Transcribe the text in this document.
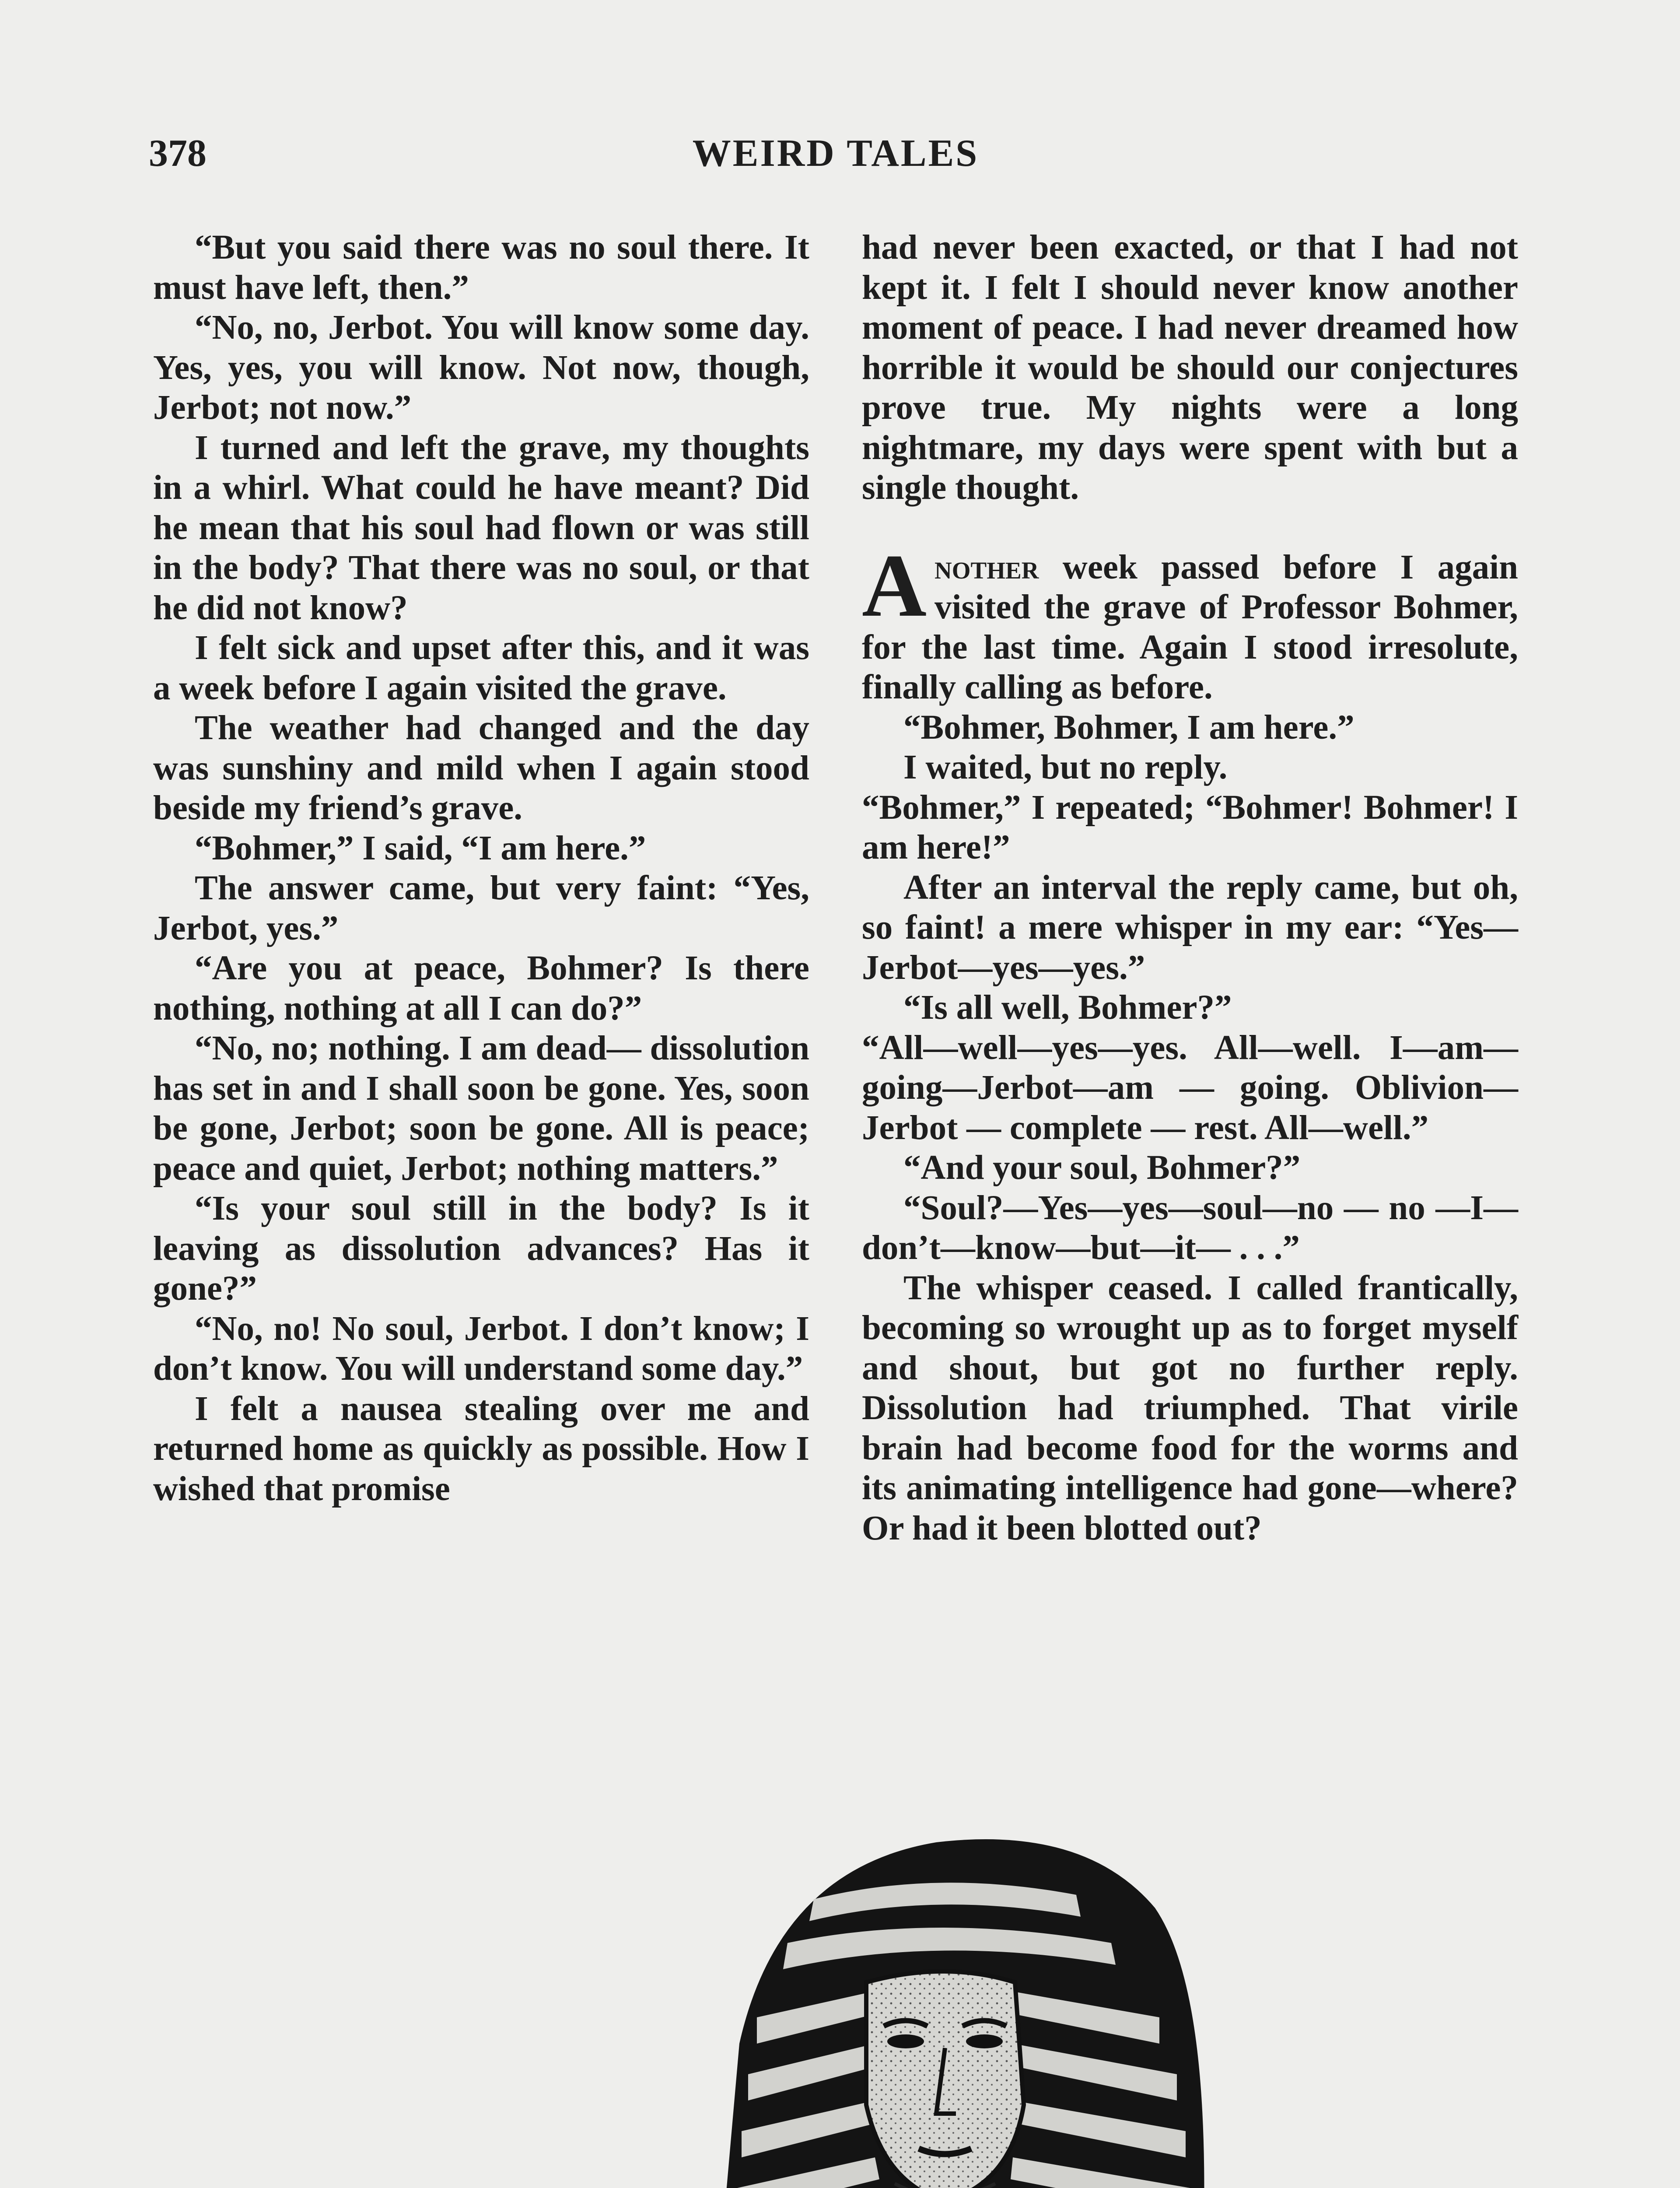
378	WEIRD TALES

“But you said there was no soul there. It must have left, then.”

“No, no, Jerbot. You will know some day. Yes, yes, you will know. Not now, though, Jerbot; not now.”

I turned and left the grave, my thoughts in a whirl. What could he have meant? Did he mean that his soul had flown or was still in the body? That there was no soul, or that he did not know?

I felt sick and upset after this, and it was a week before I again visited the grave.

The weather had changed and the day was sunshiny and mild when I again stood beside my friend’s grave.

“Bohmer,” I said, “I am here.”

The answer came, but very faint: “Yes, Jerbot, yes.”

“Are you at peace, Bohmer? Is there nothing, nothing at all I can do?”

“No, no; nothing. I am dead— dissolution has set in and I shall soon be gone. Yes, soon be gone, Jerbot; soon be gone. All is peace; peace and quiet, Jerbot; nothing matters.”

“Is your soul still in the body? Is it leaving as dissolution advances? Has it gone?”

“No, no! No soul, Jerbot. I don’t know; I don’t know. You will understand some day.”

I felt a nausea stealing over me and returned home as quickly as possible. How I wished that promise

had never been exacted, or that I had not kept it. I felt I should never know another moment of peace. I had never dreamed how horrible it would be should our conjectures prove true. My nights were a long nightmare, my days were spent with but a single thought.

Another week passed before I again visited the grave of Professor Bohmer, for the last time. Again I stood irresolute, finally calling as before.

“Bohmer, Bohmer, I am here.”

I waited, but no reply.

“Bohmer,” I repeated; “Bohmer! Bohmer! I am here!”

After an interval the reply came, but oh, so faint! a mere whisper in my ear: “Yes—Jerbot—yes—yes.”

“Is all well, Bohmer?”

“All—well—yes—yes. All—well. I—am—going—Jerbot—am — going. Oblivion—Jerbot — complete — rest. All—well.”

“And your soul, Bohmer?”

“Soul?—Yes—yes—soul—no — no —I—don’t—know—but—it— . . .”

The whisper ceased. I called frantically, becoming so wrought up as to forget myself and shout, but got no further reply. Dissolution had triumphed. That virile brain had become food for the worms and its animating intelligence had gone—where? Or had it been blotted out?
